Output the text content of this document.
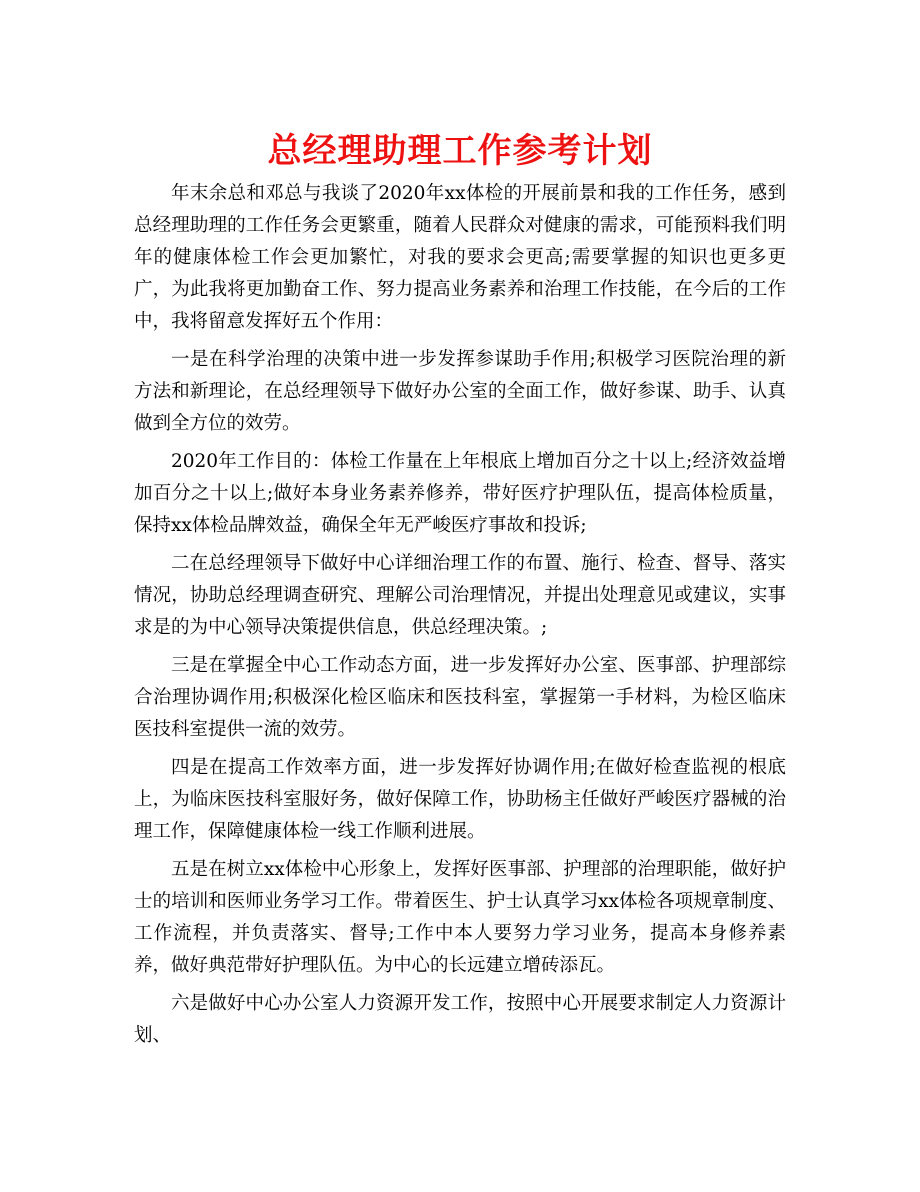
总经理助理工作参考计划

年末余总和邓总与我谈了2020年xx体检的开展前景和我的工作任务，感到总经理助理的工作任务会更繁重，随着人民群众对健康的需求，可能预料我们明年的健康体检工作会更加繁忙，对我的要求会更高;需要掌握的知识也更多更广，为此我将更加勤奋工作、努力提高业务素养和治理工作技能，在今后的工作中，我将留意发挥好五个作用：

一是在科学治理的决策中进一步发挥参谋助手作用;积极学习医院治理的新方法和新理论，在总经理领导下做好办公室的全面工作，做好参谋、助手、认真做到全方位的效劳。

2020年工作目的：体检工作量在上年根底上增加百分之十以上;经济效益增加百分之十以上;做好本身业务素养修养，带好医疗护理队伍，提高体检质量，保持xx体检品牌效益，确保全年无严峻医疗事故和投诉;

二在总经理领导下做好中心详细治理工作的布置、施行、检查、督导、落实情况，协助总经理调查研究、理解公司治理情况，并提出处理意见或建议，实事求是的为中心领导决策提供信息，供总经理决策。;

三是在掌握全中心工作动态方面，进一步发挥好办公室、医事部、护理部综合治理协调作用;积极深化检区临床和医技科室，掌握第一手材料，为检区临床医技科室提供一流的效劳。

四是在提高工作效率方面，进一步发挥好协调作用;在做好检查监视的根底上，为临床医技科室服好务，做好保障工作，协助杨主任做好严峻医疗器械的治理工作，保障健康体检一线工作顺利进展。

五是在树立xx体检中心形象上，发挥好医事部、护理部的治理职能，做好护士的培训和医师业务学习工作。带着医生、护士认真学习xx体检各项规章制度、工作流程，并负责落实、督导;工作中本人要努力学习业务，提高本身修养素养，做好典范带好护理队伍。为中心的长远建立增砖添瓦。

六是做好中心办公室人力资源开发工作，按照中心开展要求制定人力资源计划、
